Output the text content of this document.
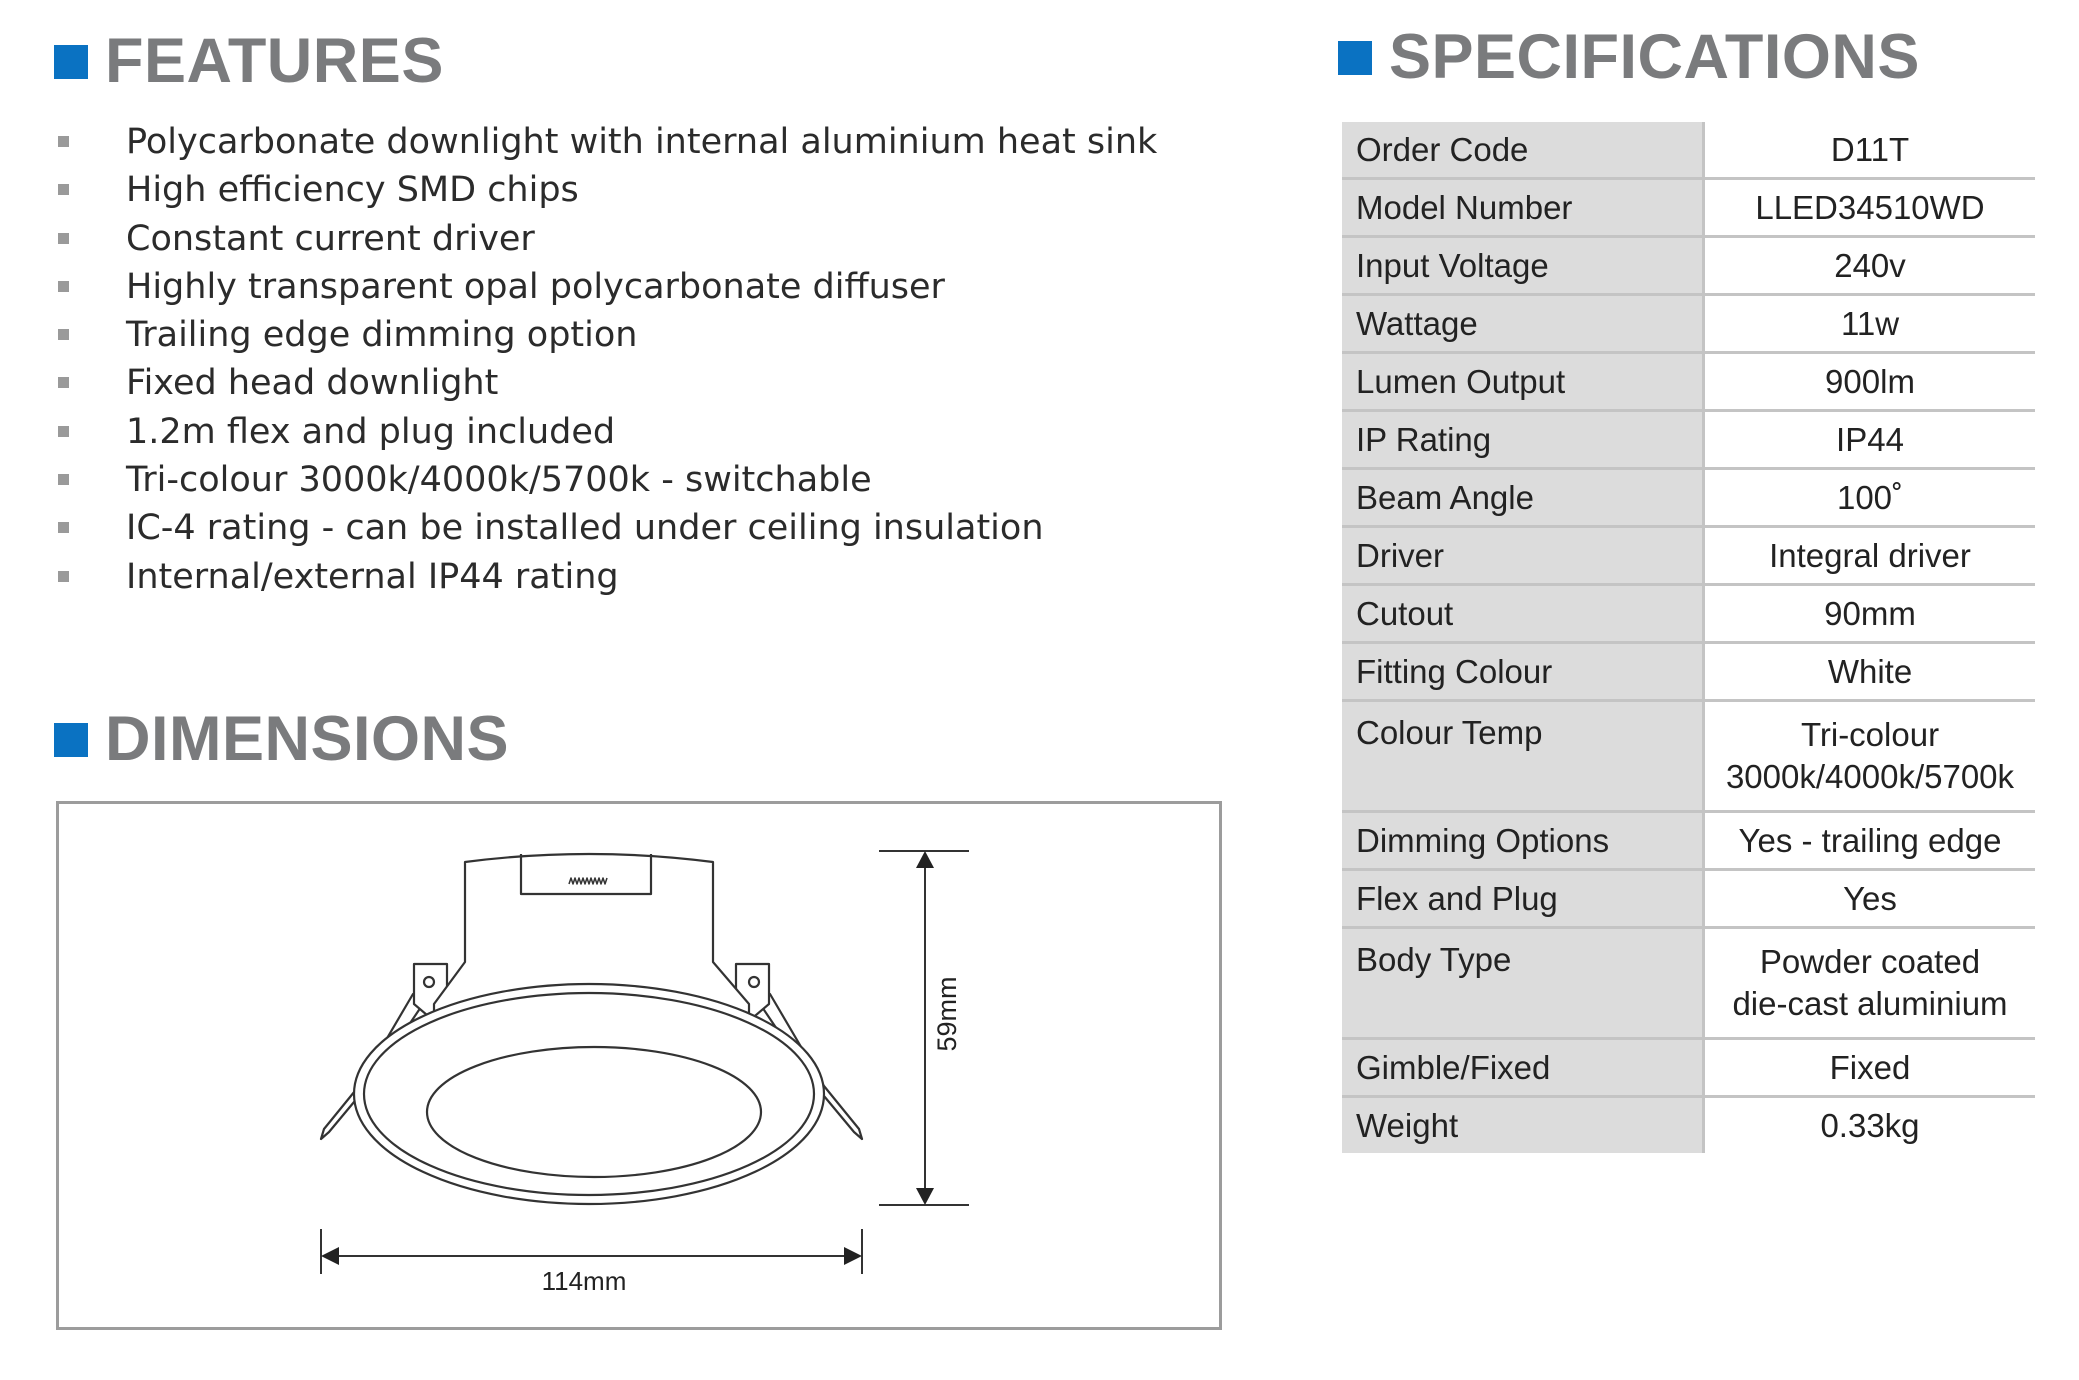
FEATURES
Polycarbonate downlight with internal aluminium heat sink
High efficiency SMD chips
Constant current driver
Highly transparent opal polycarbonate diffuser
Trailing edge dimming option
Fixed head downlight
1.2m flex and plug included
Tri-colour 3000k/4000k/5700k - switchable
IC-4 rating - can be installed under ceiling insulation
Internal/external IP44 rating
DIMENSIONS
59mm
114mm
SPECIFICATIONS
Order Code	D11T
Model Number	LLED34510WD
Input Voltage	240v
Wattage	11w
Lumen Output	900lm
IP Rating	IP44
Beam Angle	100˚
Driver	Integral driver
Cutout	90mm
Fitting Colour	White
Colour Temp	Tri-colour
3000k/4000k/5700k

Dimming Options	Yes - trailing edge
Flex and Plug	Yes
Body Type	Powder coated
die-cast aluminium

Gimble/Fixed	Fixed
Weight	0.33kg
